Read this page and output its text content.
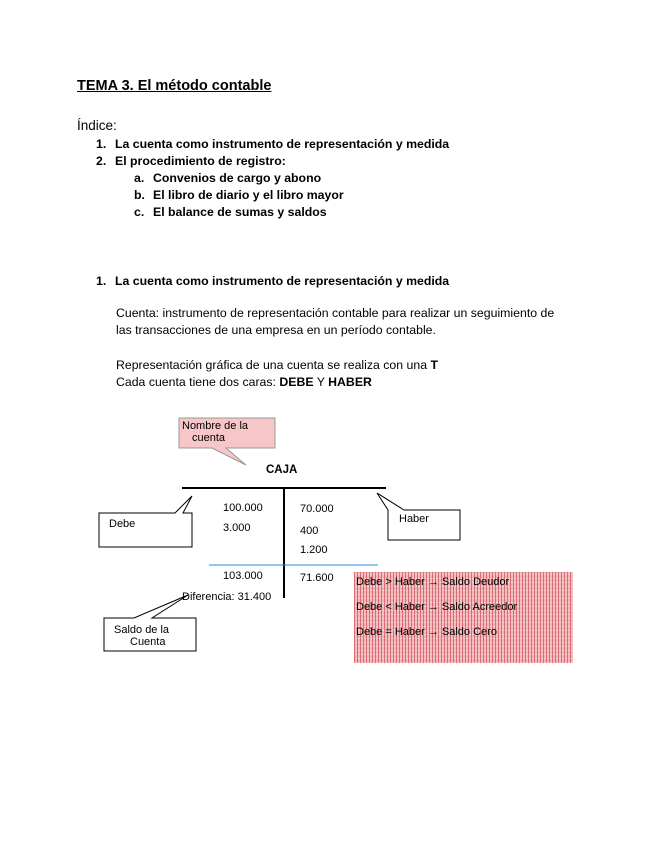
TEMA 3. El método contable
Índice:
1. La cuenta como instrumento de representación y medida
2. El procedimiento de registro:
a. Convenios de cargo y abono
b. El libro de diario y el libro mayor
c. El balance de sumas y saldos
1. La cuenta como instrumento de representación y medida
Cuenta: instrumento de representación contable para realizar un seguimiento de
las transacciones de una empresa en un período contable.
Representación gráfica de una cuenta se realiza con una T
Cada cuenta tiene dos caras: DEBE Y HABER
Nombre de la
cuenta
CAJA
Debe	Haber
100.000
3.000
70.000
400
1.200
103.000	71.600
Diferencia: 31.400
Saldo de la
Cuenta
Debe > Haber → Saldo Deudor
Debe < Haber → Saldo Acreedor
Debe = Haber → Saldo Cero
